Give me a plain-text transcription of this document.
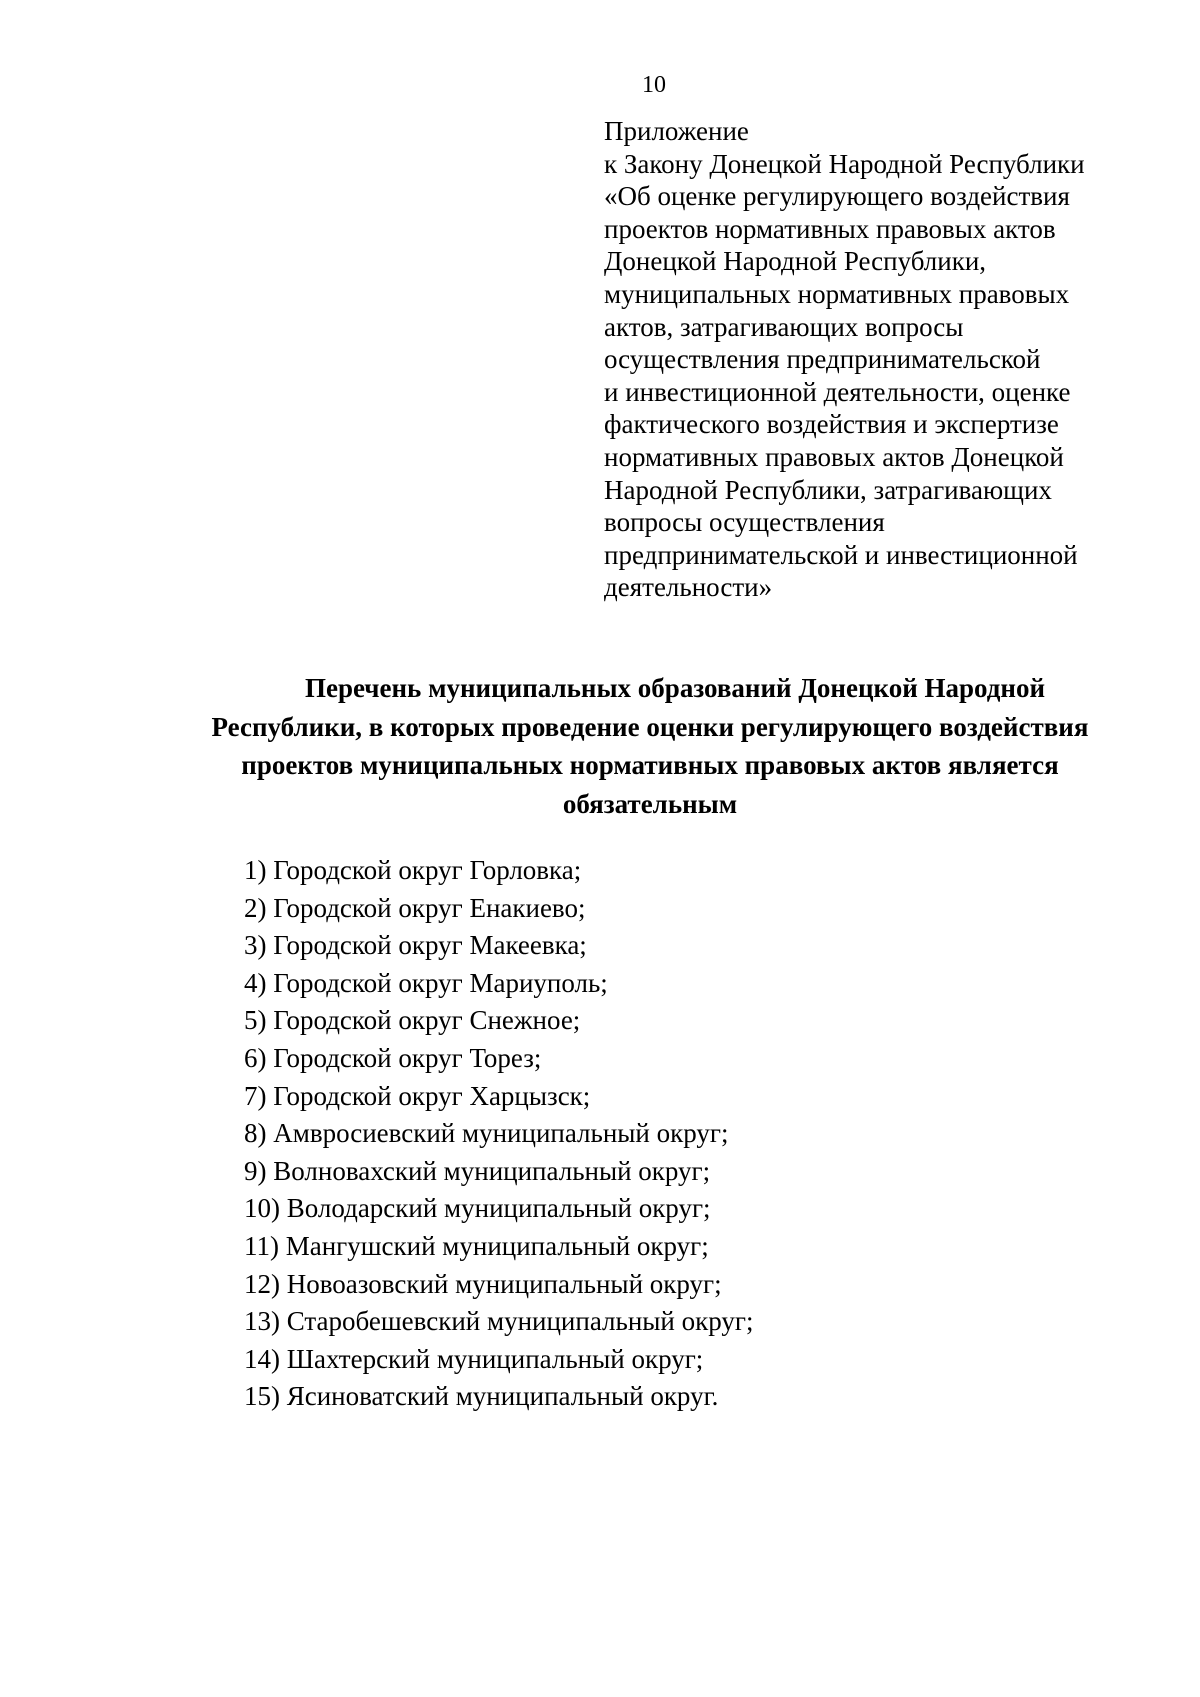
10
Приложение
к Закону Донецкой Народной Республики
«Об оценке регулирующего воздействия
проектов нормативных правовых актов
Донецкой Народной Республики,
муниципальных нормативных правовых
актов, затрагивающих вопросы
осуществления предпринимательской
и инвестиционной деятельности, оценке
фактического воздействия и экспертизе
нормативных правовых актов Донецкой
Народной Республики, затрагивающих
вопросы осуществления
предпринимательской и инвестиционной
деятельности»
Перечень муниципальных образований Донецкой Народной
Республики, в которых проведение оценки регулирующего воздействия
проектов муниципальных нормативных правовых актов является
обязательным
1) Городской округ Горловка;
2) Городской округ Енакиево;
3) Городской округ Макеевка;
4) Городской округ Мариуполь;
5) Городской округ Снежное;
6) Городской округ Торез;
7) Городской округ Харцызск;
8) Амвросиевский муниципальный округ;
9) Волновахский муниципальный округ;
10) Володарский муниципальный округ;
11) Мангушский муниципальный округ;
12) Новоазовский муниципальный округ;
13) Старобешевский муниципальный округ;
14) Шахтерский муниципальный округ;
15) Ясиноватский муниципальный округ.
